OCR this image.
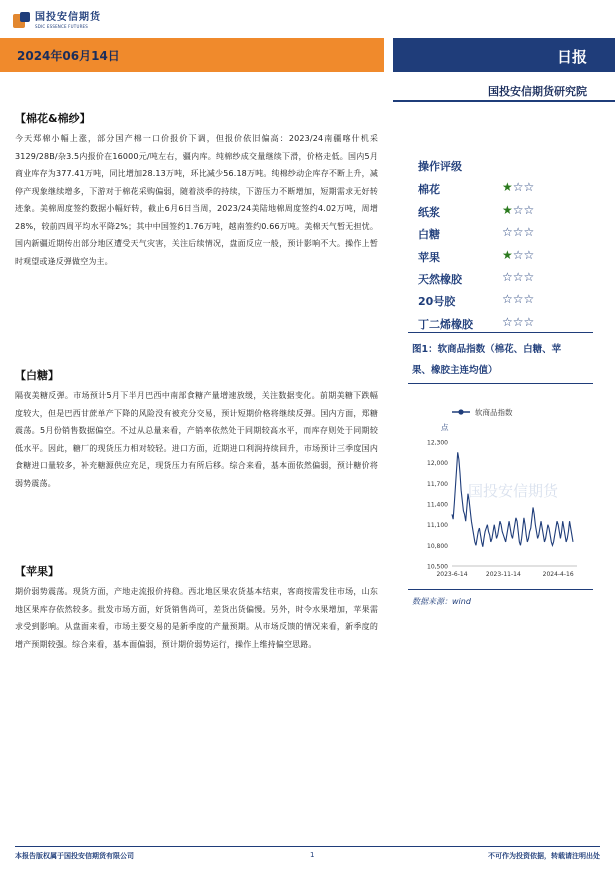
国投安信期货
SDIC ESSENCE FUTURES
2024年06月14日	日报
国投安信期货研究院
【棉花&棉纱】
今天郑棉小幅上涨，部分国产棉一口价报价下调，但报价依旧偏高：2023/24南疆喀什机采3129/28B/杂3.5内报价在16000元/吨左右，疆内库。纯棉纱成交量继续下滑，价格走低。国内5月商业库存为377.41万吨，同比增加28.13万吨，环比减少56.18万吨。纯棉纱动企库存不断上升，减停产现象继续增多，下游对于棉花采购偏弱，随着淡季的持续，下游压力不断增加，短期需求无好转迹象。美棉周度签约数据小幅好转，截止6月6日当周，2023/24美陆地棉周度签约4.02万吨，周增28%，较前四周平均水平降2%；其中中国签约1.76万吨，越南签约0.66万吨。美棉天气暂无担忧。国内新疆近期传出部分地区遭受天气灾害，关注后续情况，盘面反应一般，预计影响不大。操作上暂时观望或逢反弹做空为主。
【白糖】
隔夜美糖反弹。市场预计5月下半月巴西中南部食糖产量增速放缓，关注数据变化。前期美糖下跌幅度较大，但是巴西甘蔗单产下降的风险没有被充分交易，预计短期价格将继续反弹。国内方面，郑糖震荡。5月份销售数据偏空。不过从总量来看，产销率依然处于同期较高水平，而库存则处于同期较低水平。因此，糖厂的现货压力相对较轻。进口方面，近期进口利润持续回升，市场预计三季度国内食糖进口量较多，补充糖源供应充足，现货压力有所后移。综合来看，基本面依然偏弱，预计糖价将弱势震荡。
【苹果】
期价弱势震荡。现货方面，产地走流报价持稳。西北地区果农货基本结束，客商按需发往市场，山东地区果库存依然较多。批发市场方面，好货销售尚可，差货出货偏慢。另外，时令水果增加，苹果需求受到影响。从盘面来看，市场主要交易的是新季度的产量预期。从市场反馈的情况来看，新季度的增产预期较强。综合来看，基本面偏弱，预计期价弱势运行，操作上维持偏空思路。
操作评级
棉花	★☆☆
纸浆	★☆☆
白糖	☆☆☆
苹果	★☆☆
天然橡胶	☆☆☆
20号胶	☆☆☆
丁二烯橡胶 ☆☆☆
图1：软商品指数（棉花、白糖、苹果、橡胶主连均值）
软商品指数
点
国投安信期货
10,500
10,800
11,100
11,400
11,700
12,000
12,300
2023-6-14	2023-11-14	2024-4-16
数据来源：wind
本报告版权属于国投安信期货有限公司	1	不可作为投资依据，转载请注明出处
